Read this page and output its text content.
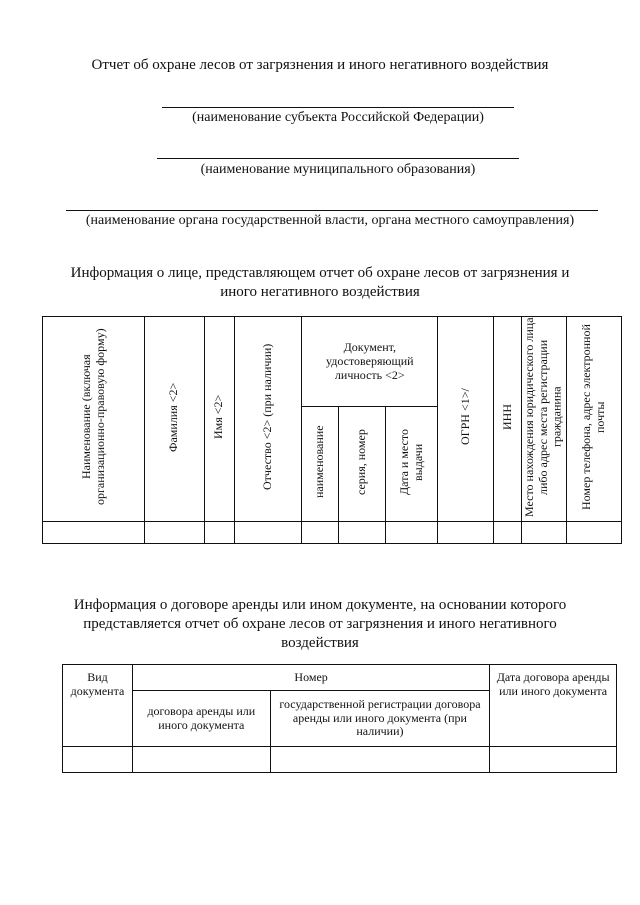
Отчет об охране лесов от загрязнения и иного негативного воздействия
(наименование субъекта Российской Федерации)
(наименование муниципального образования)
(наименование органа государственной власти, органа местного самоуправления)
Информация о лице, представляющем отчет об охране лесов от загрязнения и иного негативного воздействия
Наименование (включая организационно-правовую форму)	Фамилия <2>	Имя <2>	Отчество <2> (при наличии)	Документ, удостоверяющий личность <2>			ОГРН <1>/	ИНН	Место нахождения юридического лица либо адрес места регистрации гражданина	Номер телефона, адрес электронной почты
				наименование	серия, номер	Дата и место выдачи				

Информация о договоре аренды или ином документе, на основании которого представляется отчет об охране лесов от загрязнения и иного негативного воздействия
Вид документа	Номер		Дата договора аренды или иного документа
	договора аренды или иного документа	государственной регистрации договора аренды или иного документа (при наличии)	
